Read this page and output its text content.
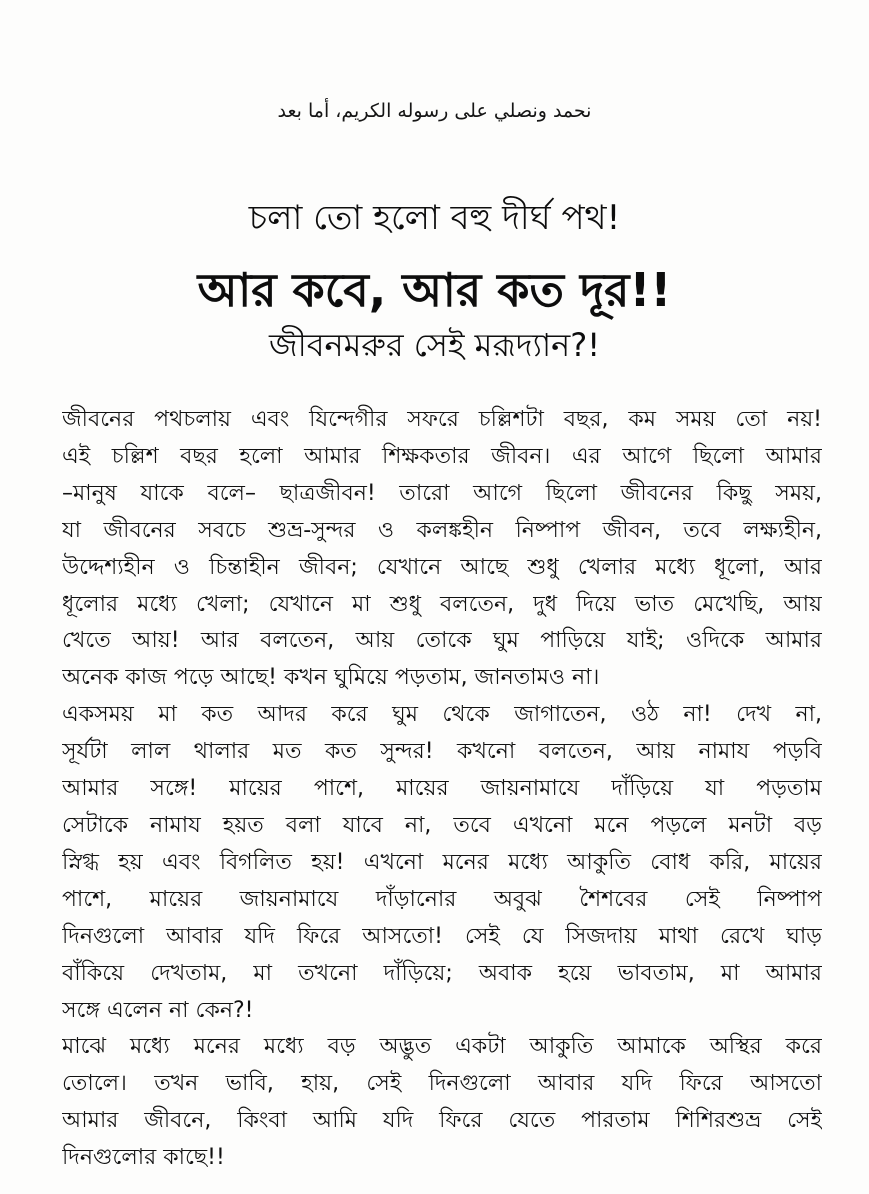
نحمد ونصلي على رسوله الكريم، أما بعد
চলা তো হলো বহু দীর্ঘ পথ!
আর কবে, আর কত দূর!!
জীবনমরুর সেই মরূদ্যান?!
জীবনের পথচলায় এবং যিন্দেগীর সফরে চল্লিশটা বছর, কম সময় তো নয়!
এই চল্লিশ বছর হলো আমার শিক্ষকতার জীবন। এর আগে ছিলো আমার
–মানুষ যাকে বলে– ছাত্রজীবন! তারো আগে ছিলো জীবনের কিছু সময়,
যা জীবনের সবচে শুভ্র-সুন্দর ও কলঙ্কহীন নিষ্পাপ জীবন, তবে লক্ষ্যহীন,
উদ্দেশ্যহীন ও চিন্তাহীন জীবন; যেখানে আছে শুধু খেলার মধ্যে ধূলো, আর
ধূলোর মধ্যে খেলা; যেখানে মা শুধু বলতেন, দুধ দিয়ে ভাত মেখেছি, আয়
খেতে আয়! আর বলতেন, আয় তোকে ঘুম পাড়িয়ে যাই; ওদিকে আমার
অনেক কাজ পড়ে আছে! কখন ঘুমিয়ে পড়তাম, জানতামও না।
একসময় মা কত আদর করে ঘুম থেকে জাগাতেন, ওঠ না! দেখ না,
সূর্যটা লাল থালার মত কত সুন্দর! কখনো বলতেন, আয় নামায পড়বি
আমার সঙ্গে! মায়ের পাশে, মায়ের জায়নামাযে দাঁড়িয়ে যা পড়তাম
সেটাকে নামায হয়ত বলা যাবে না, তবে এখনো মনে পড়লে মনটা বড়
স্নিগ্ধ হয় এবং বিগলিত হয়! এখনো মনের মধ্যে আকুতি বোধ করি, মায়ের
পাশে, মায়ের জায়নামাযে দাঁড়ানোর অবুঝ শৈশবের সেই নিষ্পাপ
দিনগুলো আবার যদি ফিরে আসতো! সেই যে সিজদায় মাথা রেখে ঘাড়
বাঁকিয়ে দেখতাম, মা তখনো দাঁড়িয়ে; অবাক হয়ে ভাবতাম, মা আমার
সঙ্গে এলেন না কেন?!
মাঝে মধ্যে মনের মধ্যে বড় অদ্ভুত একটা আকুতি আমাকে অস্থির করে
তোলে। তখন ভাবি, হায়, সেই দিনগুলো আবার যদি ফিরে আসতো
আমার জীবনে, কিংবা আমি যদি ফিরে যেতে পারতাম শিশিরশুভ্র সেই
দিনগুলোর কাছে!!
